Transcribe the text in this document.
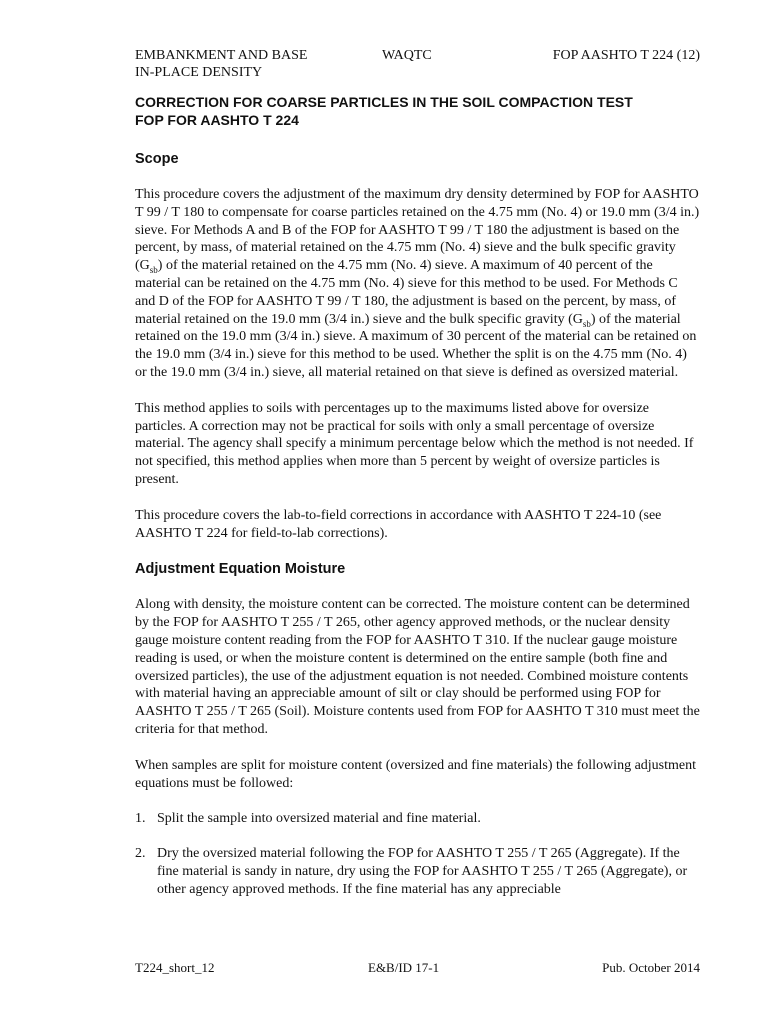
EMBANKMENT AND BASE
IN-PLACE DENSITY
WAQTC	FOP AASHTO T 224 (12)
CORRECTION FOR COARSE PARTICLES IN THE SOIL COMPACTION TEST
FOP FOR AASHTO T 224
Scope

This procedure covers the adjustment of the maximum dry density determined by FOP for AASHTO T 99 / T 180 to compensate for coarse particles retained on the 4.75 mm (No. 4) or 19.0 mm (3/4 in.) sieve. For Methods A and B of the FOP for AASHTO T 99 / T 180 the adjustment is based on the percent, by mass, of material retained on the 4.75 mm (No. 4) sieve and the bulk specific gravity $(G_{sb})$ of the material retained on the 4.75 mm (No. 4) sieve. A maximum of 40 percent of the material can be retained on the 4.75 mm (No. 4) sieve for this method to be used. For Methods C and D of the FOP for AASHTO T 99 / T 180, the adjustment is based on the percent, by mass, of material retained on the 19.0 mm (3/4 in.) sieve and the bulk specific gravity $(G_{sb})$ of the material retained on the 19.0 mm (3/4 in.) sieve. A maximum of 30 percent of the material can be retained on the 19.0 mm (3/4 in.) sieve for this method to be used. Whether the split is on the 4.75 mm (No. 4) or the 19.0 mm (3/4 in.) sieve, all material retained on that sieve is defined as oversized material.

This method applies to soils with percentages up to the maximums listed above for oversize particles. A correction may not be practical for soils with only a small percentage of oversize material. The agency shall specify a minimum percentage below which the method is not needed. If not specified, this method applies when more than 5 percent by weight of oversize particles is present.

This procedure covers the lab-to-field corrections in accordance with AASHTO T 224-10 (see AASHTO T 224 for field-to-lab corrections).

Adjustment Equation Moisture

Along with density, the moisture content can be corrected. The moisture content can be determined by the FOP for AASHTO T 255 / T 265, other agency approved methods, or the nuclear density gauge moisture content reading from the FOP for AASHTO T 310. If the nuclear gauge moisture reading is used, or when the moisture content is determined on the entire sample (both fine and oversized particles), the use of the adjustment equation is not needed. Combined moisture contents with material having an appreciable amount of silt or clay should be performed using FOP for AASHTO T 255 / T 265 (Soil). Moisture contents used from FOP for AASHTO T 310 must meet the criteria for that method.

When samples are split for moisture content (oversized and fine materials) the following adjustment equations must be followed:

1. Split the sample into oversized material and fine material.
2. Dry the oversized material following the FOP for AASHTO T 255 / T 265 (Aggregate). If the fine material is sandy in nature, dry using the FOP for AASHTO T 255 / T 265 (Aggregate), or other agency approved methods. If the fine material has any appreciable
T224_short_12	E&B/ID 17-1	Pub. October 2014
